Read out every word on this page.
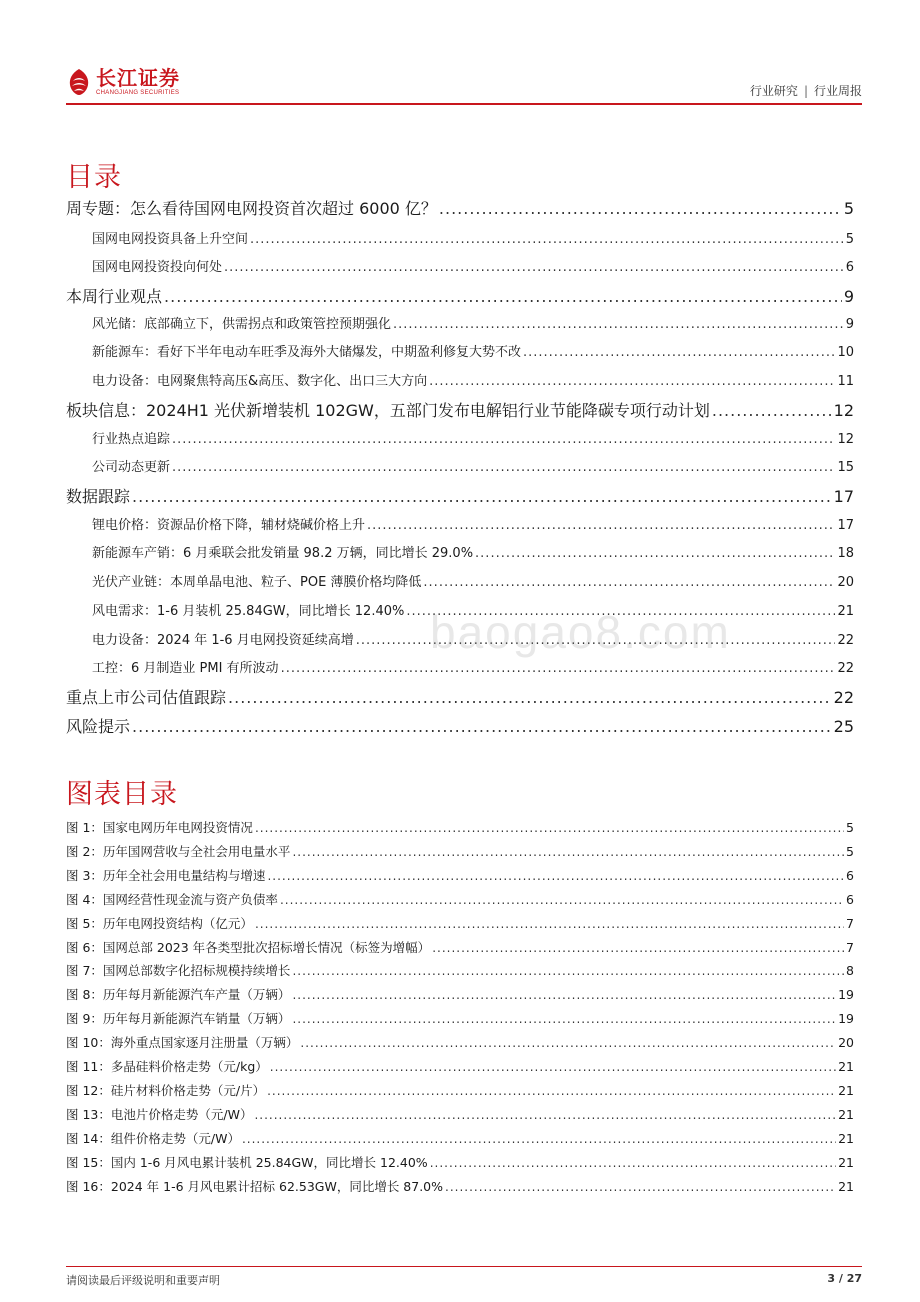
长江证券
CHANGJIANG SECURITIES	行业研究 | 行业周报
目录
周专题：怎么看待国网电网投资首次超过 6000 亿？ .....	5
国网电网投资具备上升空间 .....	5
国网电网投资投向何处 .....	6
本周行业观点 .....	9
风光储：底部确立下，供需拐点和政策管控预期强化 .....	9
新能源车：看好下半年电动车旺季及海外大储爆发，中期盈利修复大势不改 .....	10
电力设备：电网聚焦特高压&高压、数字化、出口三大方向 .....	11
板块信息：2024H1 光伏新增装机 102GW，五部门发布电解铝行业节能降碳专项行动计划 .....	12
行业热点追踪 .....	12
公司动态更新 .....	15
数据跟踪 .....	17
锂电价格：资源品价格下降，辅材烧碱价格上升 .....	17
新能源车产销：6 月乘联会批发销量 98.2 万辆，同比增长 29.0% .....	18
光伏产业链：本周单晶电池、粒子、POE 薄膜价格均降低 .....	20
风电需求：1-6 月装机 25.84GW，同比增长 12.40% .....	21
电力设备：2024 年 1-6 月电网投资延续高增 .....	22
工控：6 月制造业 PMI 有所波动 .....	22
重点上市公司估值跟踪 .....	22
风险提示 .....	25
图表目录
图 1：国家电网历年电网投资情况 .....	5
图 2：历年国网营收与全社会用电量水平 .....	5
图 3：历年全社会用电量结构与增速 .....	6
图 4：国网经营性现金流与资产负债率 .....	6
图 5：历年电网投资结构（亿元） .....	7
图 6：国网总部 2023 年各类型批次招标增长情况（标签为增幅） .....	7
图 7：国网总部数字化招标规模持续增长 .....	8
图 8：历年每月新能源汽车产量（万辆） .....	19
图 9：历年每月新能源汽车销量（万辆） .....	19
图 10：海外重点国家逐月注册量（万辆） .....	20
图 11：多晶硅料价格走势（元/kg） .....	21
图 12：硅片材料价格走势（元/片） .....	21
图 13：电池片价格走势（元/W） .....	21
图 14：组件价格走势（元/W） .....	21
图 15：国内 1-6 月风电累计装机 25.84GW，同比增长 12.40% .....	21
图 16：2024 年 1-6 月风电累计招标 62.53GW，同比增长 87.0% .....	21
baogao8.com
请阅读最后评级说明和重要声明	3 / 27
